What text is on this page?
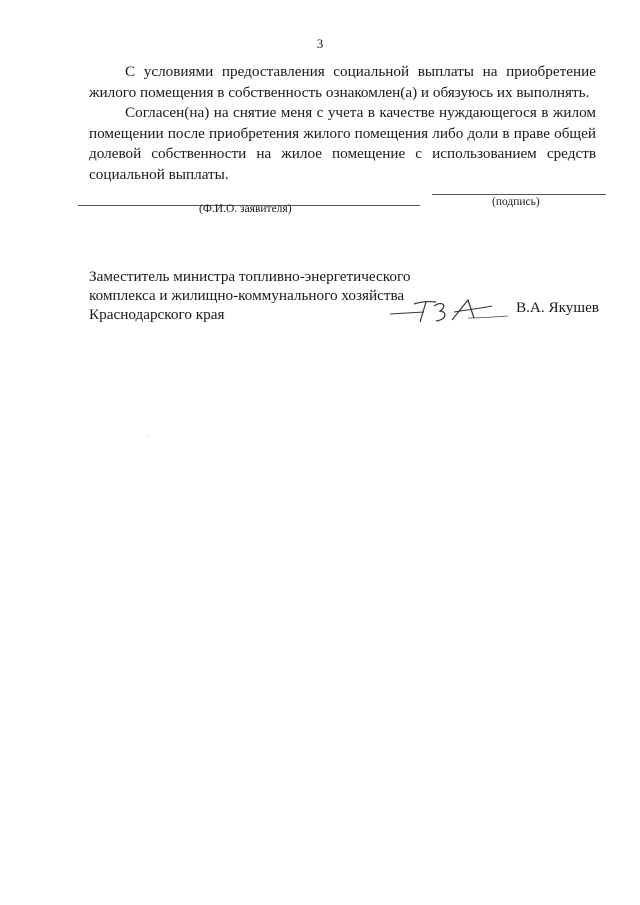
3

С условиями предоставления социальной выплаты на приобретение жилого помещения в собственность ознакомлен(а) и обязуюсь их выполнять.

Согласен(на) на снятие меня с учета в качестве нуждающегося в жилом помещении после приобретения жилого помещения либо доли в праве общей долевой собственности на жилое помещение с использованием средств социальной выплаты.

(Ф.И.О. заявителя)
(подпись)
Заместитель министра топливно-энергетического
комплекса и жилищно-коммунального хозяйства
Краснодарского края	В.А. Якушев
